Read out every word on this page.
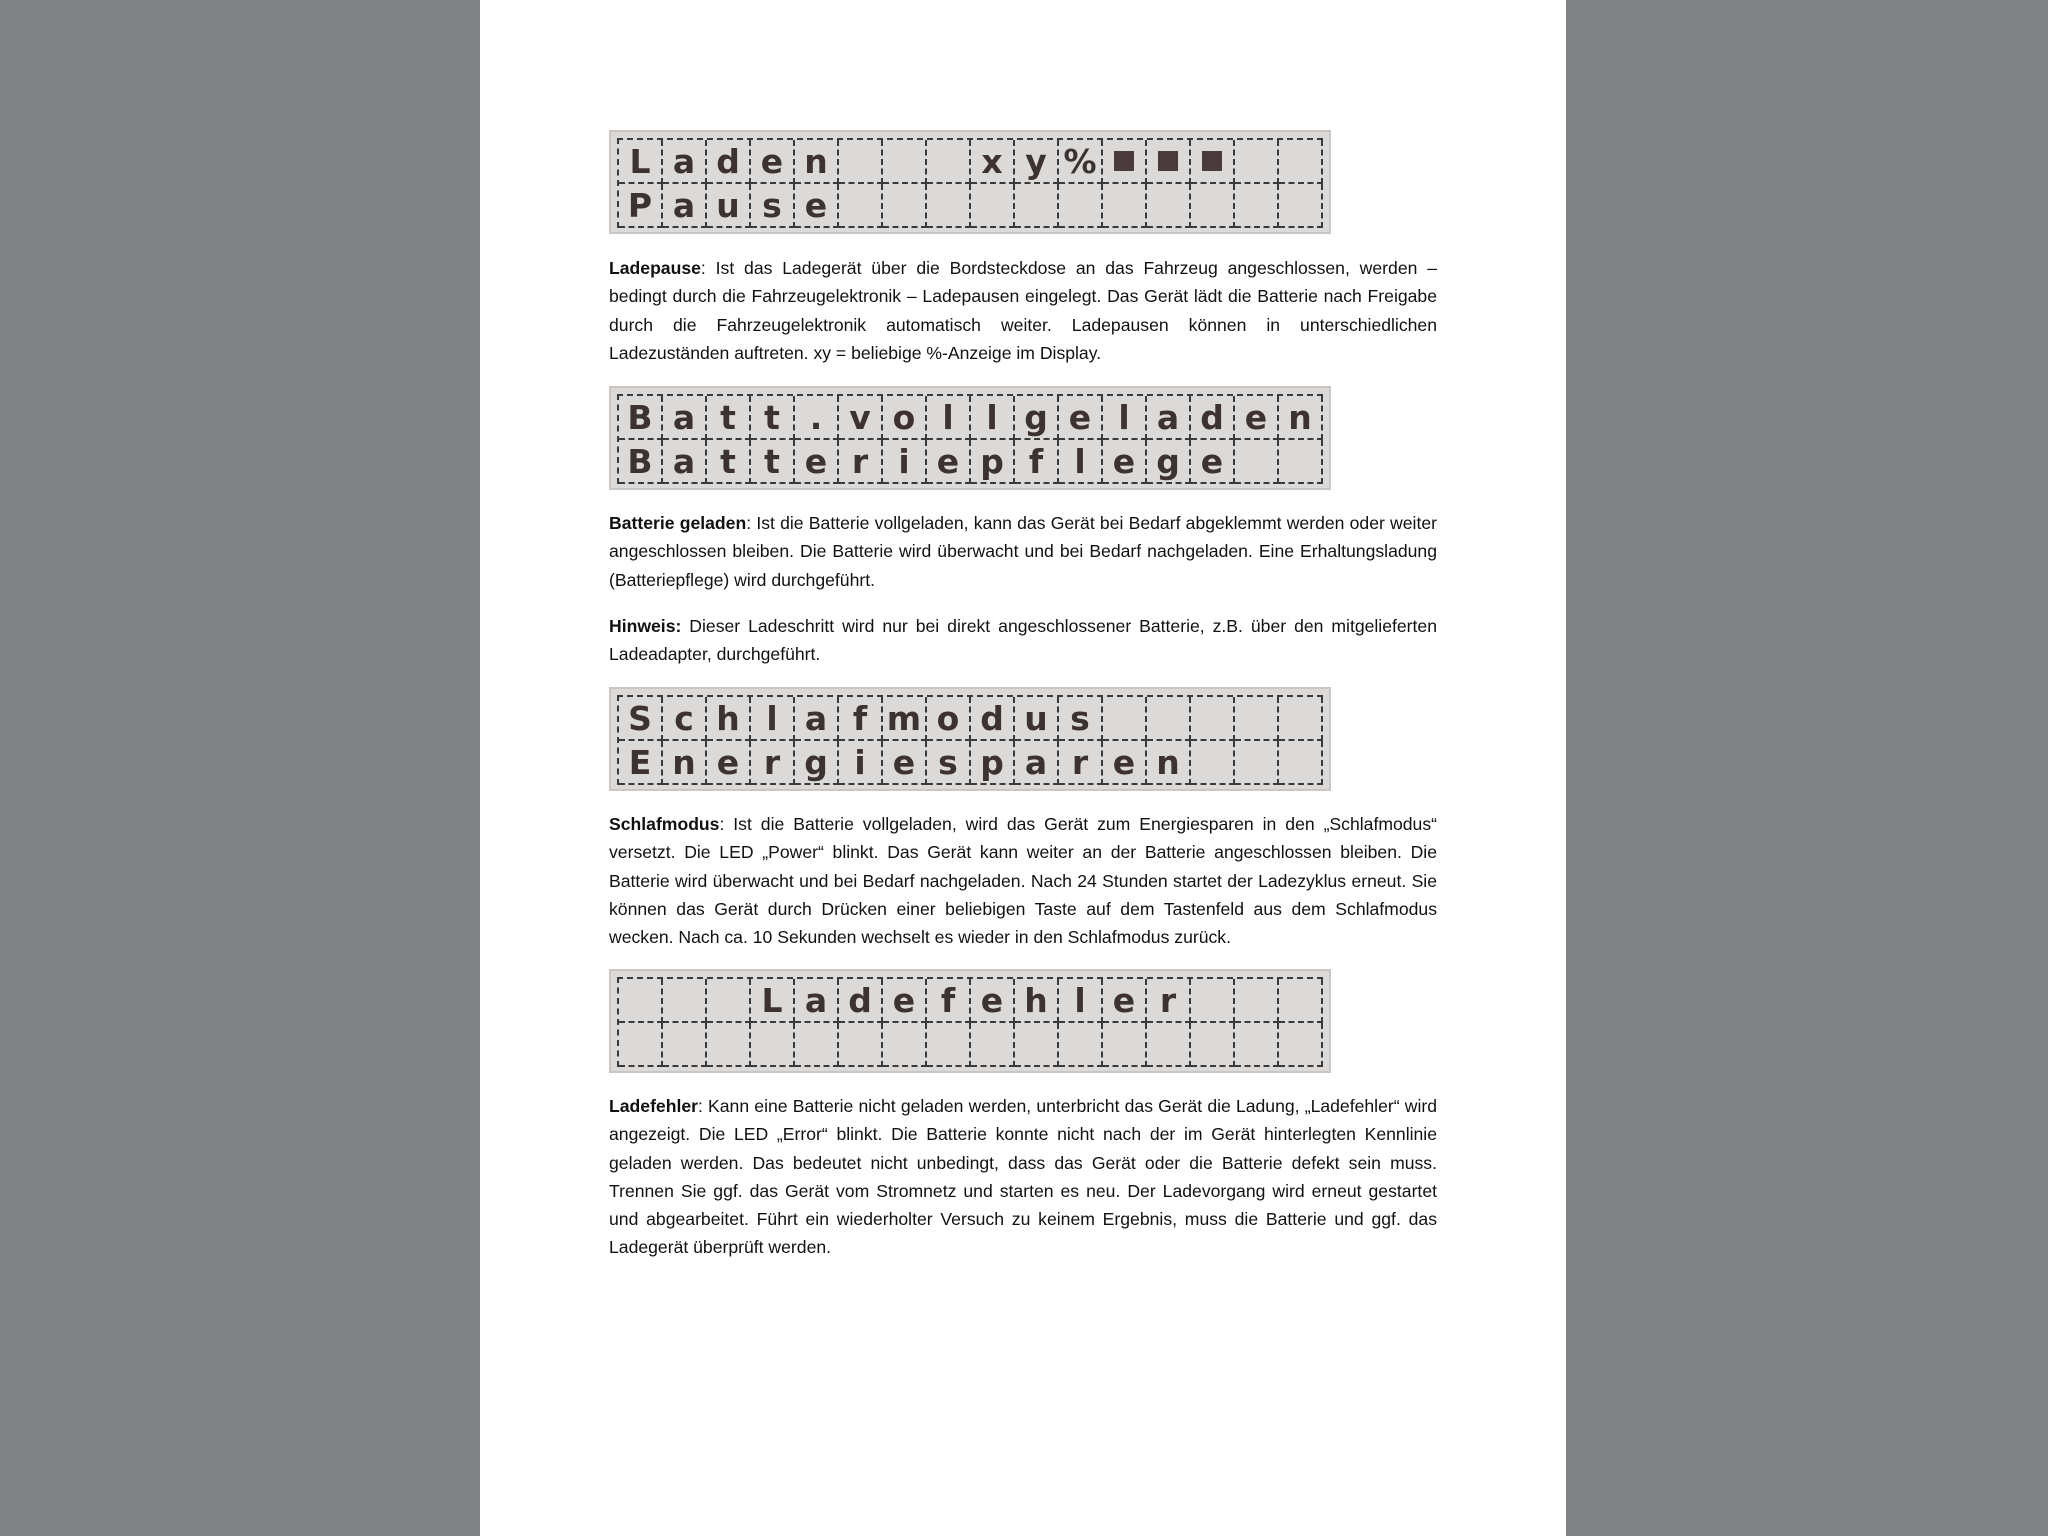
L a d e n	x y %
P a u s e

Ladepause: Ist das Ladegerät über die Bordsteckdose an das Fahrzeug angeschlossen, werden – bedingt durch die Fahrzeugelektronik – Ladepausen eingelegt. Das Gerät lädt die Batterie nach Freigabe durch die Fahrzeugelektronik automatisch weiter. Ladepausen können in unterschiedlichen Ladezuständen auftreten. xy = beliebige %-Anzeige im Display.

B a t t . v o l l g e l a d e n
B a t t e r i e p f l e g e

Batterie geladen: Ist die Batterie vollgeladen, kann das Gerät bei Bedarf abgeklemmt werden oder weiter angeschlossen bleiben. Die Batterie wird überwacht und bei Bedarf nachgeladen. Eine Erhaltungsladung (Batteriepflege) wird durchgeführt.

Hinweis: Dieser Ladeschritt wird nur bei direkt angeschlossener Batterie, z.B. über den mitgelieferten Ladeadapter, durchgeführt.

S c h l a f m o d u s
E n e r g i e s p a r e n

Schlafmodus: Ist die Batterie vollgeladen, wird das Gerät zum Energiesparen in den „Schlafmodus“ versetzt. Die LED „Power“ blinkt. Das Gerät kann weiter an der Batterie angeschlossen bleiben. Die Batterie wird überwacht und bei Bedarf nachgeladen. Nach 24 Stunden startet der Ladezyklus erneut. Sie können das Gerät durch Drücken einer beliebigen Taste auf dem Tastenfeld aus dem Schlafmodus wecken. Nach ca. 10 Sekunden wechselt es wieder in den Schlafmodus zurück.

L a d e f e h l e r

Ladefehler: Kann eine Batterie nicht geladen werden, unterbricht das Gerät die Ladung, „Ladefehler“ wird angezeigt. Die LED „Error“ blinkt. Die Batterie konnte nicht nach der im Gerät hinterlegten Kennlinie geladen werden. Das bedeutet nicht unbedingt, dass das Gerät oder die Batterie defekt sein muss. Trennen Sie ggf. das Gerät vom Stromnetz und starten es neu. Der Ladevorgang wird erneut gestartet und abgearbeitet. Führt ein wiederholter Versuch zu keinem Ergebnis, muss die Batterie und ggf. das Ladegerät überprüft werden.
